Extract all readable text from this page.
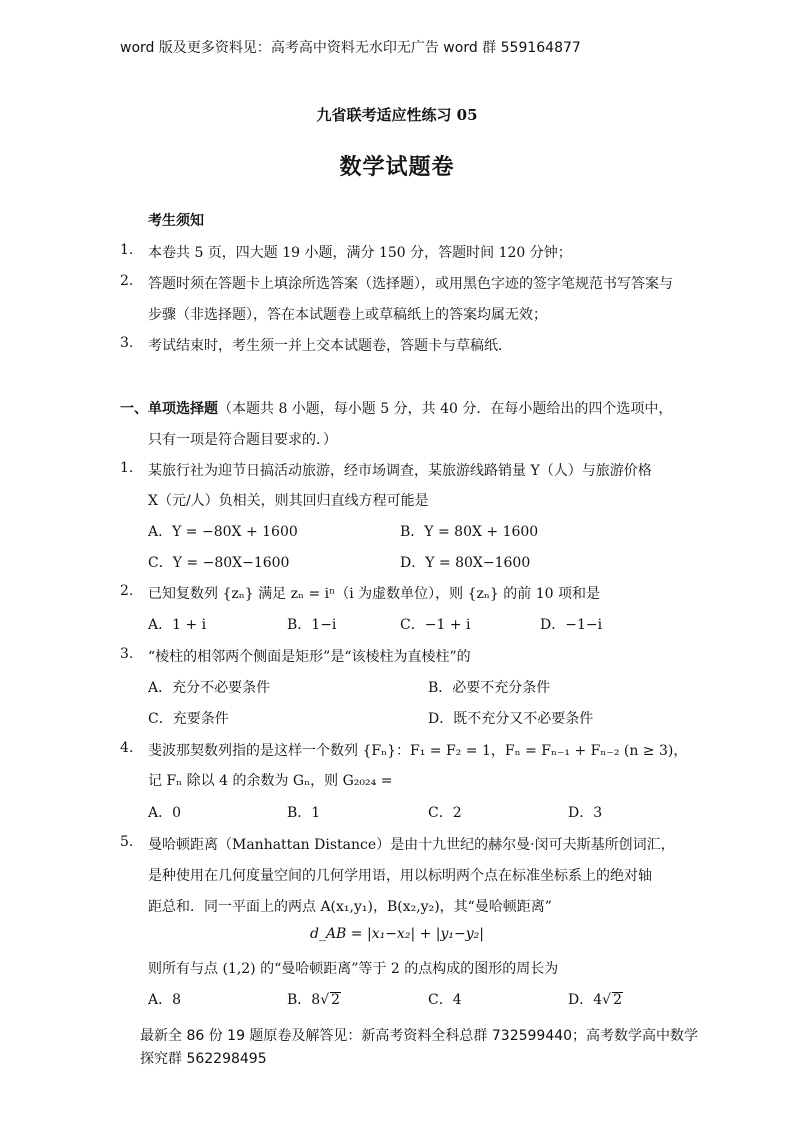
word 版及更多资料见：高考高中资料无水印无广告 word 群 559164877
九省联考适应性练习 05
数学试题卷
考生须知
1. 本卷共 5 页，四大题 19 小题，满分 150 分，答题时间 120 分钟；
2. 答题时须在答题卡上填涂所选答案（选择题），或用黑色字迹的签字笔规范书写答案与
步骤（非选择题），答在本试题卷上或草稿纸上的答案均属无效；
3. 考试结束时，考生须一并上交本试题卷，答题卡与草稿纸．
一、单项选择题（本题共 8 小题，每小题 5 分，共 40 分．在每小题给出的四个选项中，
只有一项是符合题目要求的．）
1. 某旅行社为迎节日搞活动旅游，经市场调查，某旅游线路销量 Y（人）与旅游价格
X（元/人）负相关，则其回归直线方程可能是
A．Y = −80X + 1600	B．Y = 80X + 1600
C．Y = −80X−1600	D．Y = 80X−1600
2. 已知复数列 {zₙ} 满足 zₙ = iⁿ（i 为虚数单位），则 {zₙ} 的前 10 项和是
A．1 + i	B．1−i	C．−1 + i	D．−1−i
3. “棱柱的相邻两个侧面是矩形”是“该棱柱为直棱柱”的
A．充分不必要条件	B．必要不充分条件
C．充要条件	D．既不充分又不必要条件
4. 斐波那契数列指的是这样一个数列 {Fₙ}：F₁ = F₂ = 1，Fₙ = Fₙ₋₁ + Fₙ₋₂ (n ≥ 3)，
记 Fₙ 除以 4 的余数为 Gₙ，则 G₂₀₂₄ =
A．0	B．1	C．2	D．3
5. 曼哈顿距离（Manhattan Distance）是由十九世纪的赫尔曼·闵可夫斯基所创词汇，
是种使用在几何度量空间的几何学用语，用以标明两个点在标准坐标系上的绝对轴
距总和．同一平面上的两点 A(x₁,y₁)，B(x₂,y₂)，其“曼哈顿距离”
d_AB = |x₁−x₂| + |y₁−y₂|
则所有与点 (1,2) 的“曼哈顿距离”等于 2 的点构成的图形的周长为
A．8	B．8√ 2	C．4	D．4√ 2
最新全 86 份 19 题原卷及解答见：新高考资料全科总群 732599440；高考数学高中数学探究群 562298495
